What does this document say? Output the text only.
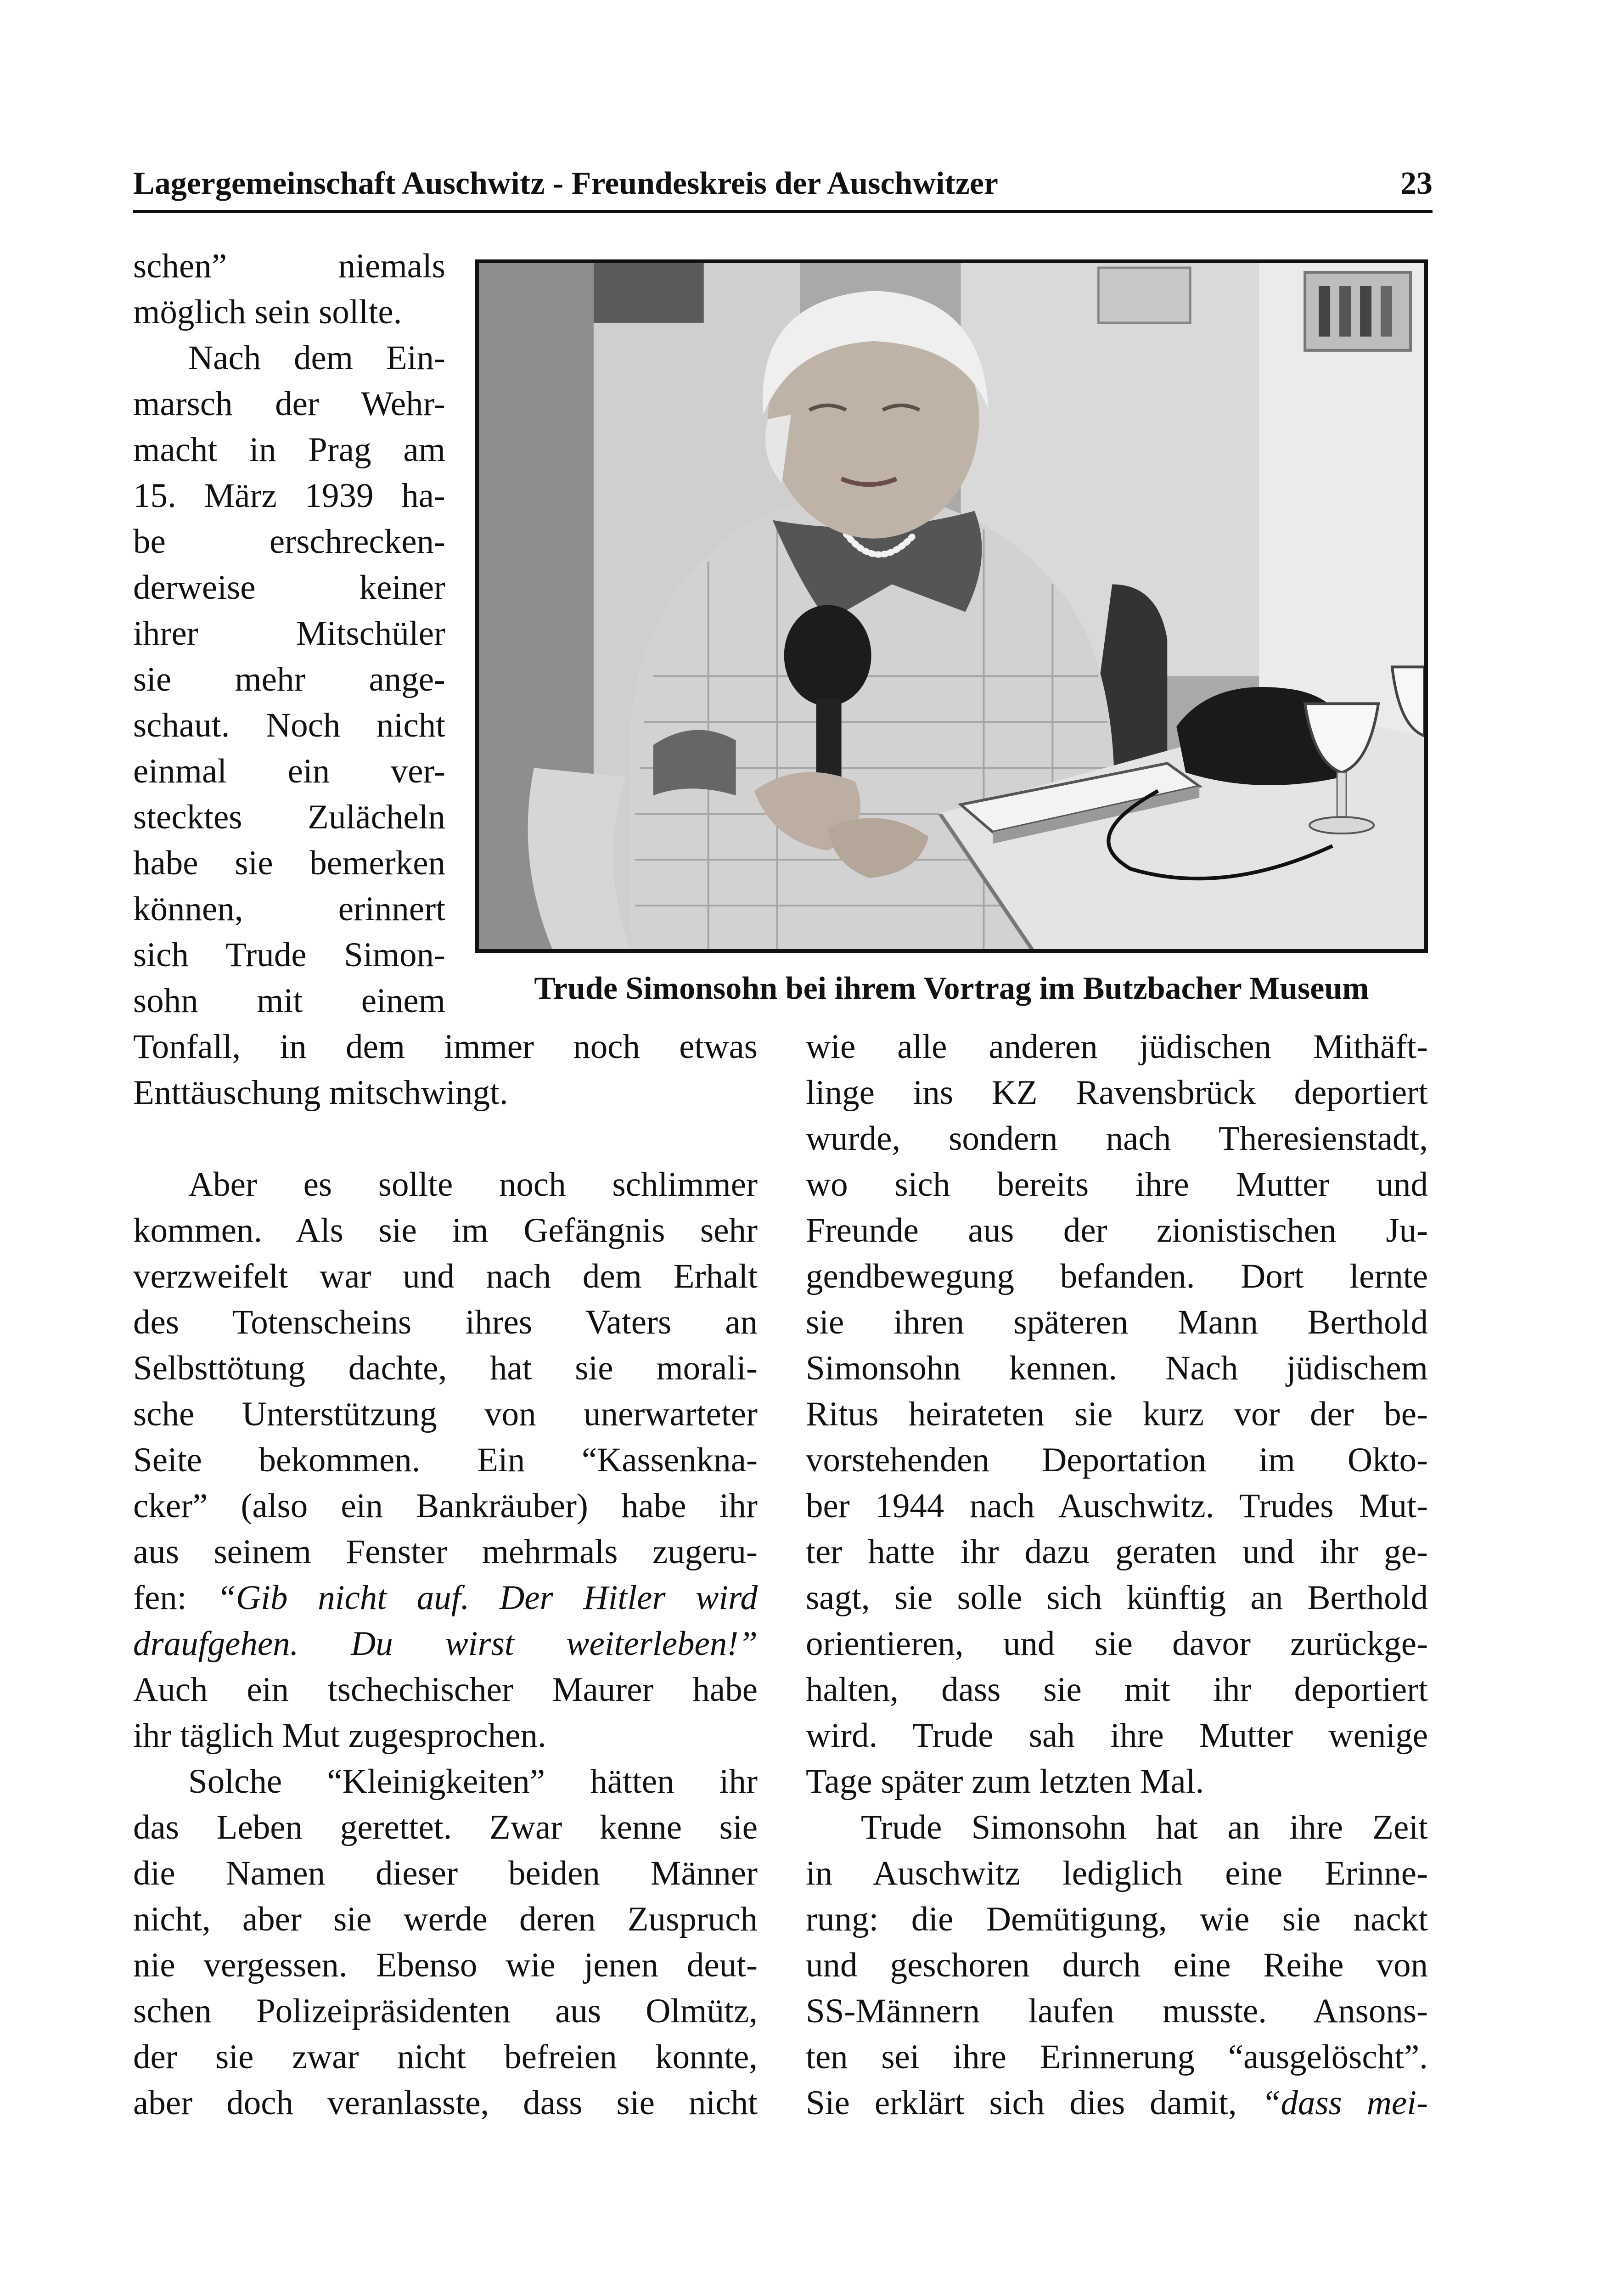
Lagergemeinschaft Auschwitz - Freundeskreis der Auschwitzer	23
schen” niemals
möglich sein sollte.
Nach dem Ein-
marsch der Wehr-
macht in Prag am
15. März 1939 ha-
be erschrecken-
derweise keiner
ihrer Mitschüler
sie mehr ange-
schaut. Noch nicht
einmal ein ver-
stecktes Zulächeln
habe sie bemerken
können, erinnert
sich Trude Simon-
sohn mit einem	Trude Simonsohn bei ihrem Vortrag im Butzbacher Museum
Tonfall, in dem immer noch etwas
Enttäuschung mitschwingt.
Aber es sollte noch schlimmer
kommen. Als sie im Gefängnis sehr
verzweifelt war und nach dem Erhalt
des Totenscheins ihres Vaters an
Selbsttötung dachte, hat sie morali-
sche Unterstützung von unerwarteter
Seite bekommen. Ein “Kassenkna-
cker” (also ein Bankräuber) habe ihr
aus seinem Fenster mehrmals zugeru-
fen: “Gib nicht auf. Der Hitler wird
draufgehen. Du wirst weiterleben!”
Auch ein tschechischer Maurer habe
ihr täglich Mut zugesprochen.
Solche “Kleinigkeiten” hätten ihr
das Leben gerettet. Zwar kenne sie
die Namen dieser beiden Männer
nicht, aber sie werde deren Zuspruch
nie vergessen. Ebenso wie jenen deut-
schen Polizeipräsidenten aus Olmütz,
der sie zwar nicht befreien konnte,
aber doch veranlasste, dass sie nicht
wie alle anderen jüdischen Mithäft-
linge ins KZ Ravensbrück deportiert
wurde, sondern nach Theresienstadt,
wo sich bereits ihre Mutter und
Freunde aus der zionistischen Ju-
gendbewegung befanden. Dort lernte
sie ihren späteren Mann Berthold
Simonsohn kennen. Nach jüdischem
Ritus heirateten sie kurz vor der be-
vorstehenden Deportation im Okto-
ber 1944 nach Auschwitz. Trudes Mut-
ter hatte ihr dazu geraten und ihr ge-
sagt, sie solle sich künftig an Berthold
orientieren, und sie davor zurückge-
halten, dass sie mit ihr deportiert
wird. Trude sah ihre Mutter wenige
Tage später zum letzten Mal.
Trude Simonsohn hat an ihre Zeit
in Auschwitz lediglich eine Erinne-
rung: die Demütigung, wie sie nackt
und geschoren durch eine Reihe von
SS-Männern laufen musste. Ansons-
ten sei ihre Erinnerung “ausgelöscht”.
Sie erklärt sich dies damit, “dass mei-
